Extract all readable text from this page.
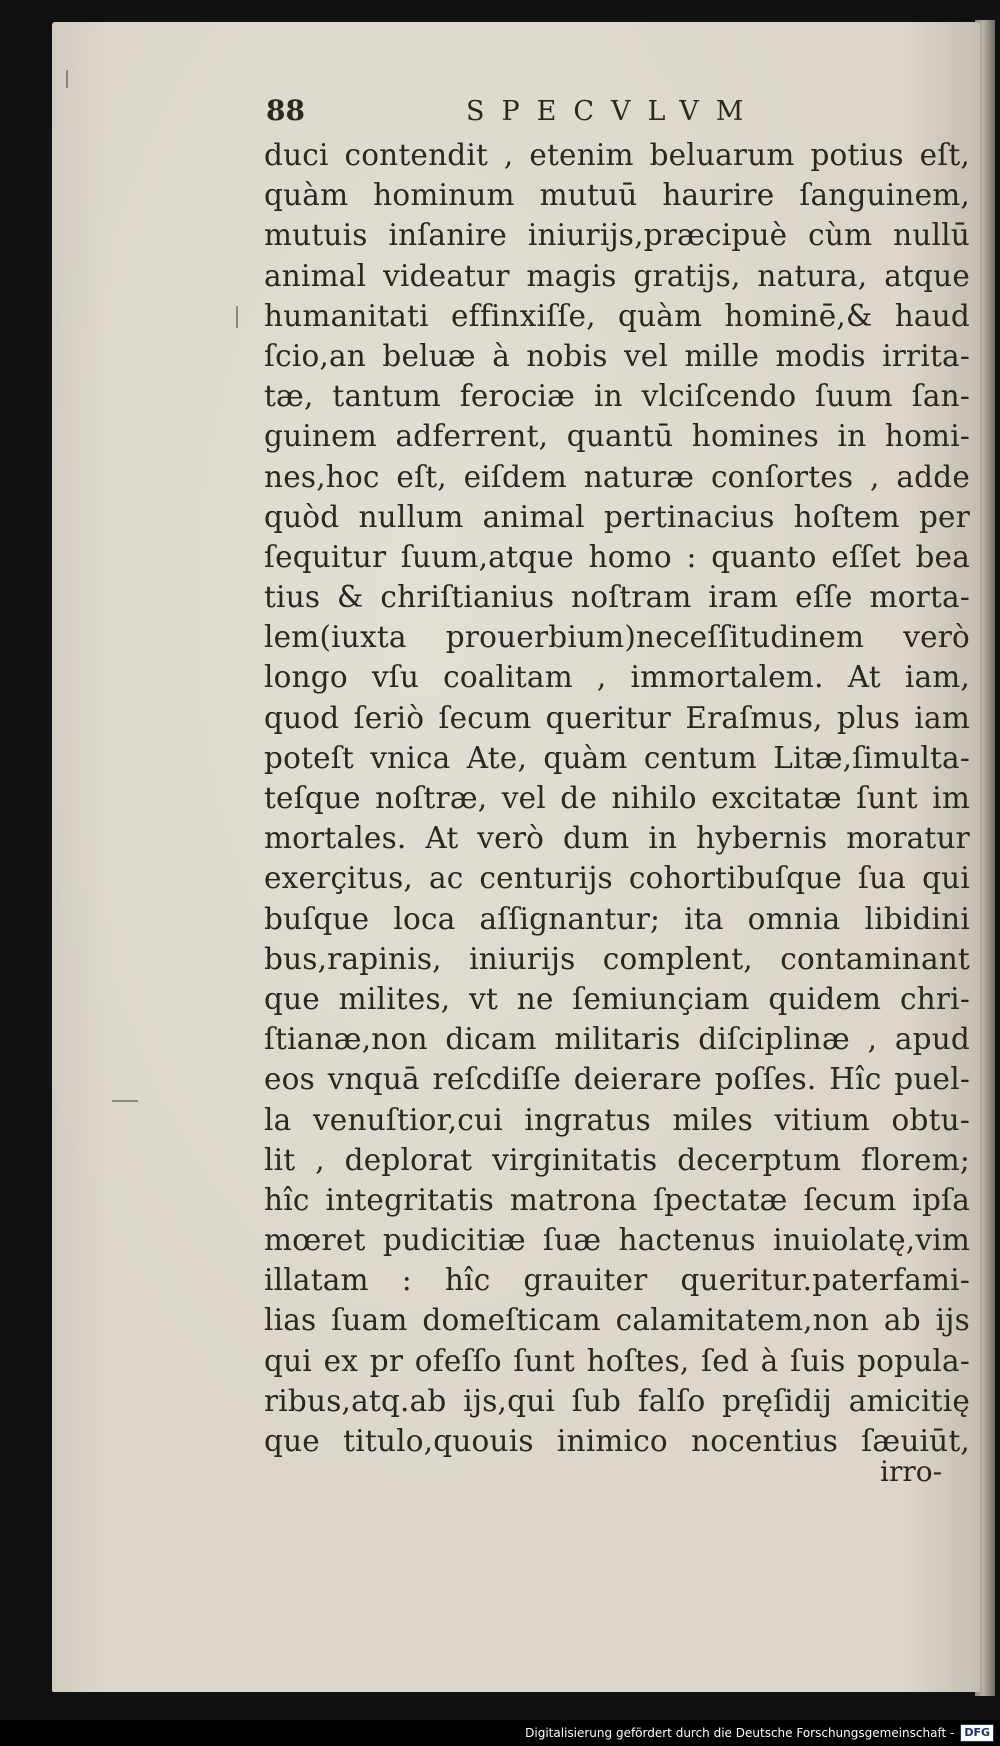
88	SPECVLVM
duci contendit , etenim beluarum potius eſt,
quàm hominum mutuū haurire ſanguinem,
mutuis inſanire iniurijs,præcipuè cùm nullū
animal videatur magis gratijs, natura, atque
humanitati effinxiſſe, quàm hominē,& haud
ſcio,an beluæ à nobis vel mille modis irrita-
tæ, tantum ferociæ in vlciſcendo ſuum ſan-
guinem adferrent, quantū homines in homi-
nes,hoc eſt, eiſdem naturæ conſortes , adde
quòd nullum animal pertinacius hoſtem per
ſequitur ſuum,atque homo : quanto eſſet bea
tius & chriſtianius noſtram iram eſſe morta-
lem(iuxta prouerbium)neceſſitudinem verò
longo vſu coalitam , immortalem. At iam,
quod ſeriò ſecum queritur Eraſmus, plus iam
poteſt vnica Ate, quàm centum Litæ,ſimulta-
teſque noſtræ, vel de nihilo excitatæ ſunt im
mortales. At verò dum in hybernis moratur
exerçitus, ac centurijs cohortibuſque ſua qui
buſque loca aſſignantur; ita omnia libidini
bus,rapinis, iniurijs complent, contaminant
que milites, vt ne ſemiunçiam quidem chri-
ſtianæ,non dicam militaris diſciplinæ , apud
eos vnquā reſcdiſſe deierare poſſes. Hîc puel-
la venuſtior,cui ingratus miles vitium obtu-
lit , deplorat virginitatis decerptum florem;
hîc integritatis matrona ſpectatæ ſecum ipſa
mœret pudicitiæ ſuæ hactenus inuiolatę,vim
illatam : hîc grauiter queritur.paterfami-
lias ſuam domeſticam calamitatem,non ab ijs
qui ex pr ofeſſo ſunt hoſtes, ſed à ſuis popula-
ribus,atq.ab ijs,qui ſub falſo pręſidij amicitię
que titulo,quouis inimico nocentius ſæuiūt,
irro-
Digitalisierung gefördert durch die Deutsche Forschungsgemeinschaft - DFG
